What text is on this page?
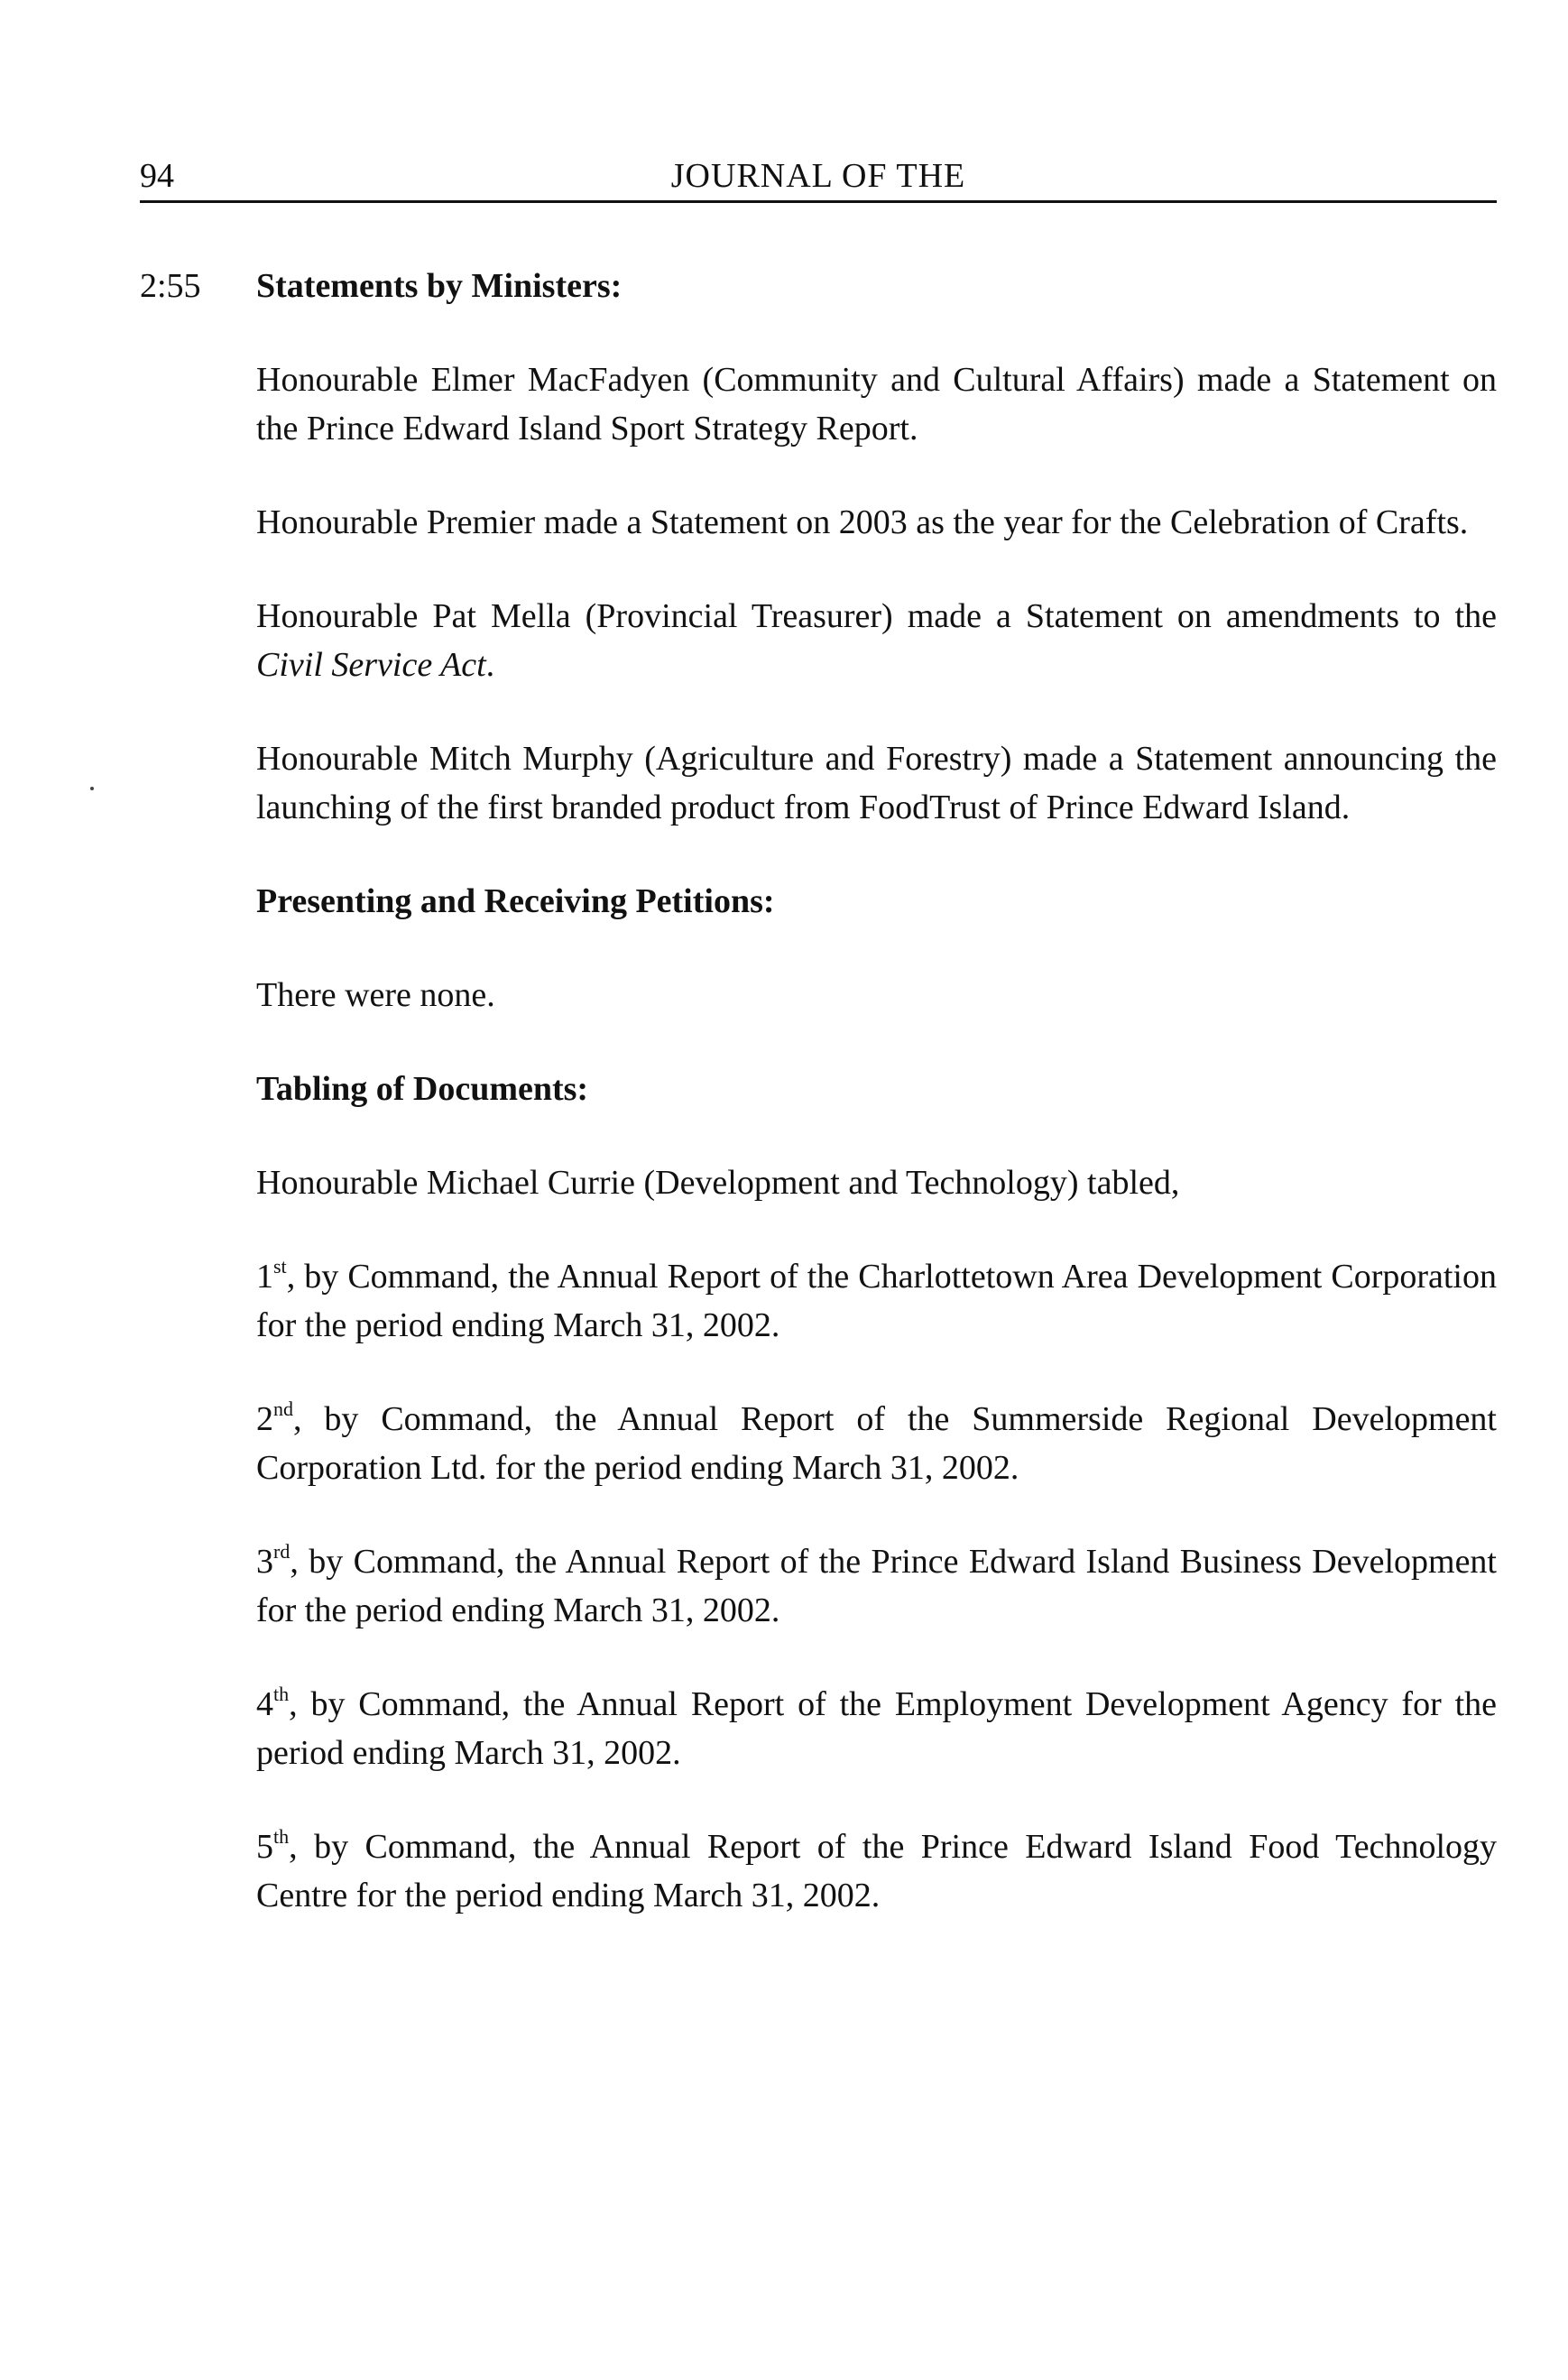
94	JOURNAL OF THE
2:55 Statements by Ministers:

Honourable Elmer MacFadyen (Community and Cultural Affairs) made a Statement on the Prince Edward Island Sport Strategy Report.

Honourable Premier made a Statement on 2003 as the year for the Celebration of Crafts.

Honourable Pat Mella (Provincial Treasurer) made a Statement on amendments to the Civil Service Act.

Honourable Mitch Murphy (Agriculture and Forestry) made a Statement announcing the launching of the first branded product from FoodTrust of Prince Edward Island.

Presenting and Receiving Petitions:

There were none.

Tabling of Documents:

Honourable Michael Currie (Development and Technology) tabled,

1st, by Command, the Annual Report of the Charlottetown Area Development Corporation for the period ending March 31, 2002.

2nd, by Command, the Annual Report of the Summerside Regional Development Corporation Ltd. for the period ending March 31, 2002.

3rd, by Command, the Annual Report of the Prince Edward Island Business Development for the period ending March 31, 2002.

4th, by Command, the Annual Report of the Employment Development Agency for the period ending March 31, 2002.

5th, by Command, the Annual Report of the Prince Edward Island Food Technology Centre for the period ending March 31, 2002.
